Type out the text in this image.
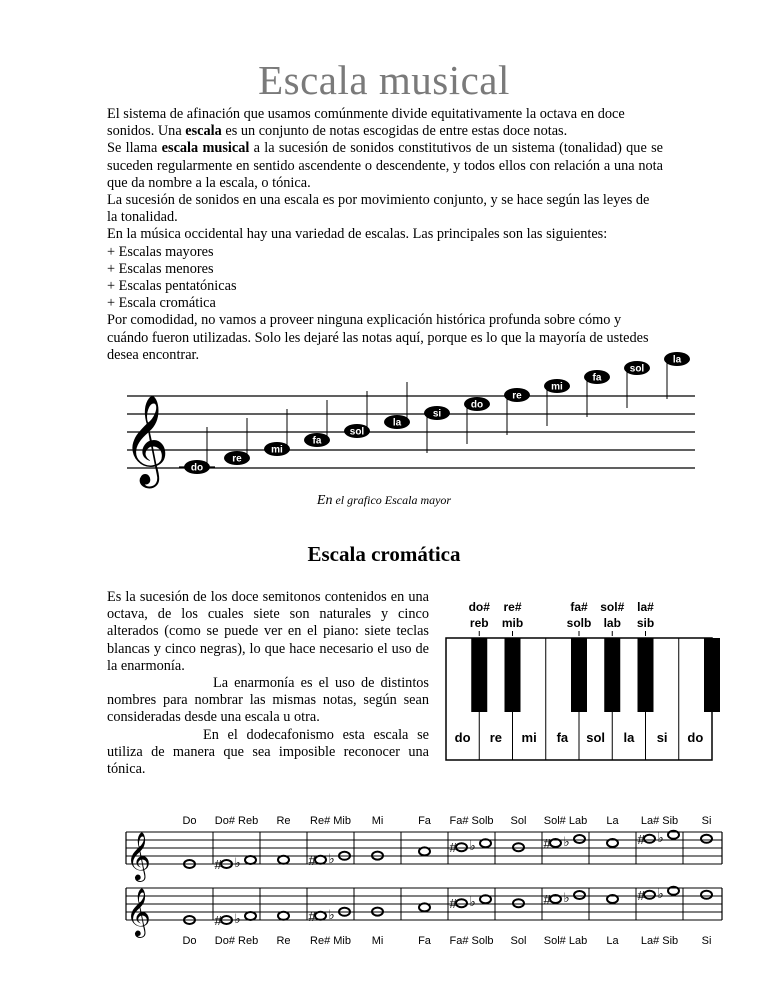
Escala musical

El sistema de afinación que usamos comúnmente divide equitativamente la octava en doce sonidos. Una escala es un conjunto de notas escogidas de entre estas doce notas.

Se llama escala musical a la sucesión de sonidos constitutivos de un sistema (tonalidad) que se suceden regularmente en sentido ascendente o descendente, y todos ellos con relación a una nota que da nombre a la escala, o tónica.

La sucesión de sonidos en una escala es por movimiento conjunto, y se hace según las leyes de la tonalidad.

En la música occidental hay una variedad de escalas. Las principales son las siguientes:

+ Escalas mayores

+ Escalas menores

+ Escalas pentatónicas

+ Escala cromática

Por comodidad, no vamos a proveer ninguna explicación histórica profunda sobre cómo y cuándo fueron utilizadas. Solo les dejaré las notas aquí, porque es lo que la mayoría de ustedes desea encontrar.

𝄞 do
re
mi
fa
sol
la
si
do
re
mi
fa
sol
la
En el grafico Escala mayor
Escala cromática

Es la sucesión de los doce semitonos contenidos en una octava, de los cuales siete son naturales y cinco alterados (como se puede ver en el piano: siete teclas blancas y cinco negras), lo que hace necesario el uso de la enarmonía.

La enarmonía es el uso de distintos nombres para nombrar las mismas notas, según sean consideradas desde una escala u otra.

En el dodecafonismo esta escala se utiliza de manera que sea imposible reconocer una tónica.

do#
reb
re#
mib
fa#
solb
sol#
lab
la#
sib
do re mi fa sol la si do
𝄞
Do Do# Reb
# ♭
Re Re# Mib
# ♭
Mi	Fa Fa# Solb
# ♭
Sol Sol# Lab
# ♭
La La# Sib
# ♭
Si
𝄞
Do Do# Reb
# ♭
Re Re# Mib
# ♭
Mi	Fa Fa# Solb
# ♭
Sol Sol# Lab
# ♭
La La# Sib
# ♭
Si
